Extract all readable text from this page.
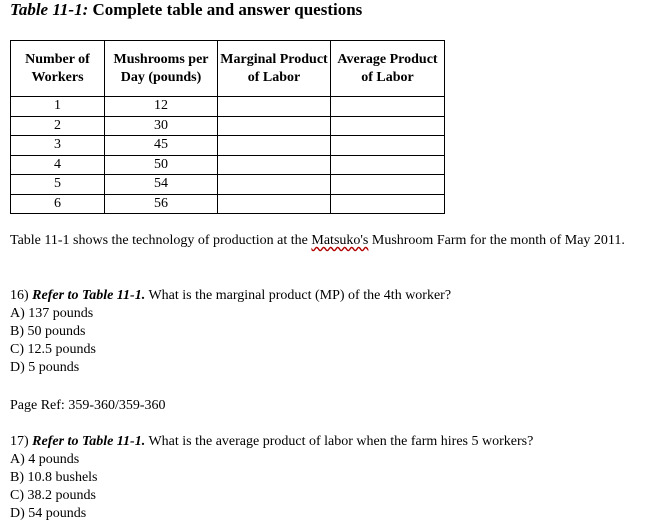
Table 11-1: Complete table and answer questions
Number of Workers	Mushrooms per Day (pounds)	Marginal Product of Labor	Average Product of Labor
1	12		
2	30		
3	45		
4	50		
5	54		
6	56		
Table 11-1 shows the technology of production at the Matsuko's Mushroom Farm for the month of May 2011.
16) Refer to Table 11-1. What is the marginal product (MP) of the 4th worker?
A) 137 pounds
B) 50 pounds
C) 12.5 pounds
D) 5 pounds
Page Ref: 359-360/359-360
17) Refer to Table 11-1. What is the average product of labor when the farm hires 5 workers?
A) 4 pounds
B) 10.8 bushels
C) 38.2 pounds
D) 54 pounds
